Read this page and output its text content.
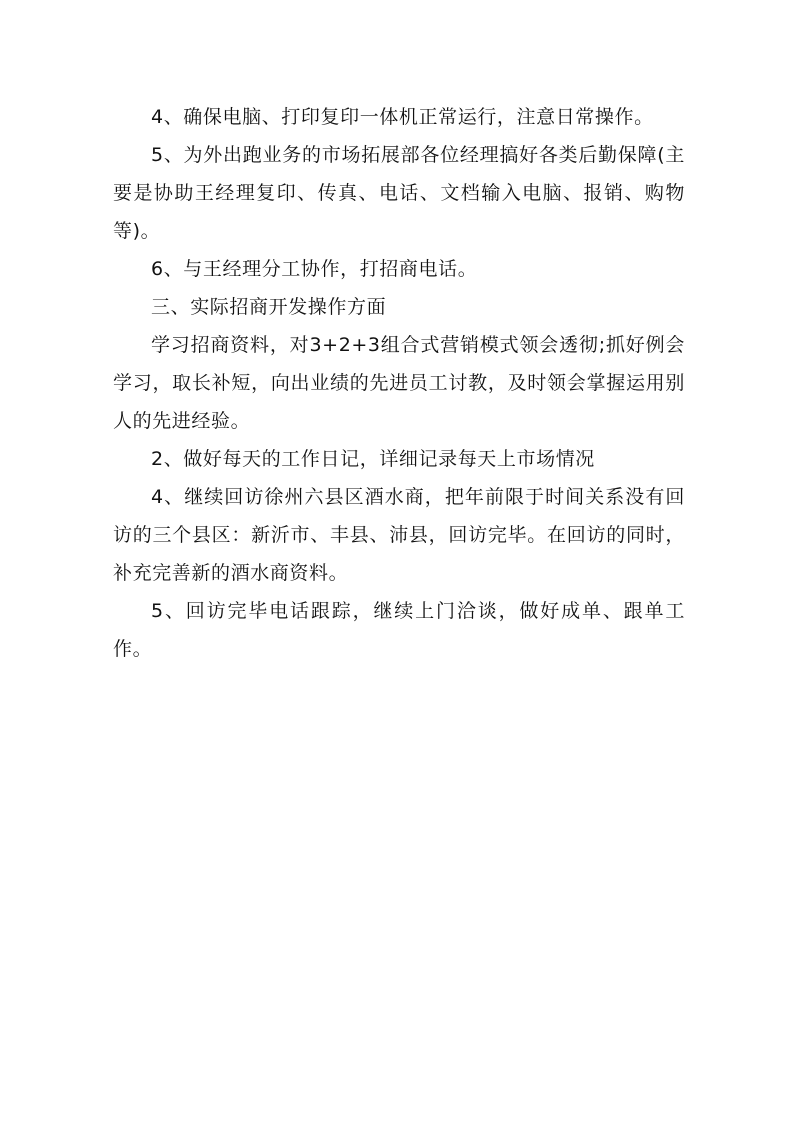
4、确保电脑、打印复印一体机正常运行，注意日常操作。

5、为外出跑业务的市场拓展部各位经理搞好各类后勤保障(主要是协助王经理复印、传真、电话、文档输入电脑、报销、购物等)。

6、与王经理分工协作，打招商电话。

三、实际招商开发操作方面

学习招商资料，对3+2+3组合式营销模式领会透彻;抓好例会学习，取长补短，向出业绩的先进员工讨教，及时领会掌握运用别人的先进经验。

2、做好每天的工作日记，详细记录每天上市场情况

4、继续回访徐州六县区酒水商，把年前限于时间关系没有回访的三个县区：新沂市、丰县、沛县，回访完毕。在回访的同时，补充完善新的酒水商资料。

5、回访完毕电话跟踪，继续上门洽谈，做好成单、跟单工作。
